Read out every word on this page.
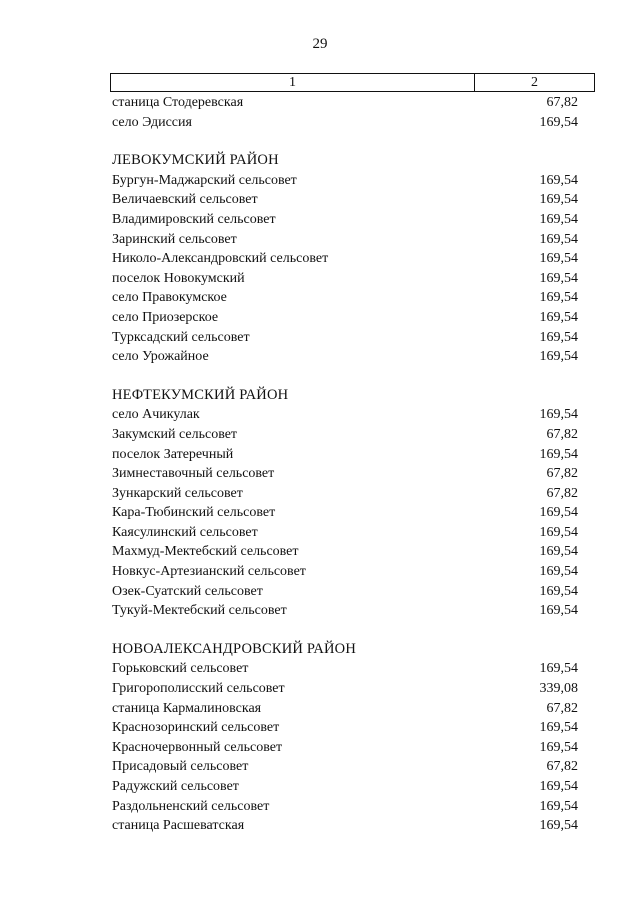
29
1	2
станица Стодеревская	67,82
село Эдиссия	169,54
ЛЕВОКУМСКИЙ РАЙОН
Бургун-Маджарский сельсовет	169,54
Величаевский сельсовет	169,54
Владимировский сельсовет	169,54
Заринский сельсовет	169,54
Николо-Александровский сельсовет	169,54
поселок Новокумский	169,54
село Правокумское	169,54
село Приозерское	169,54
Турксадский сельсовет	169,54
село Урожайное	169,54
НЕФТЕКУМСКИЙ РАЙОН
село Ачикулак	169,54
Закумский сельсовет	67,82
поселок Затеречный	169,54
Зимнеставочный сельсовет	67,82
Зункарский сельсовет	67,82
Кара-Тюбинский сельсовет	169,54
Каясулинский сельсовет	169,54
Махмуд-Мектебский сельсовет	169,54
Новкус-Артезианский сельсовет	169,54
Озек-Суатский сельсовет	169,54
Тукуй-Мектебский сельсовет	169,54
НОВОАЛЕКСАНДРОВСКИЙ РАЙОН
Горьковский сельсовет	169,54
Григорополисский сельсовет	339,08
станица Кармалиновская	67,82
Краснозоринский сельсовет	169,54
Красночервонный сельсовет	169,54
Присадовый сельсовет	67,82
Радужский сельсовет	169,54
Раздольненский сельсовет	169,54
станица Расшеватская	169,54
